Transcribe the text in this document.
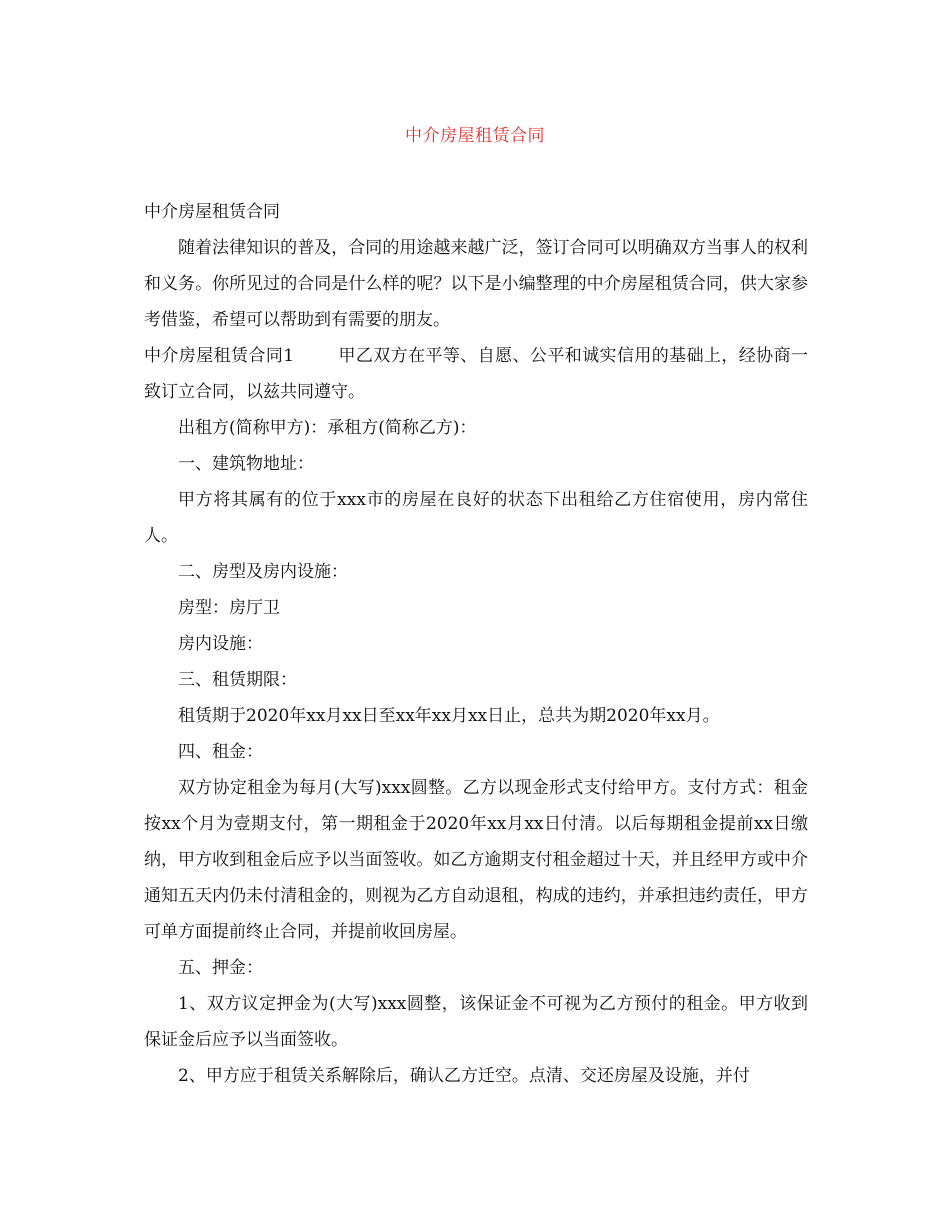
中介房屋租赁合同

中介房屋租赁合同

随着法律知识的普及，合同的用途越来越广泛，签订合同可以明确双方当事人的权利和义务。你所见过的合同是什么样的呢？以下是小编整理的中介房屋租赁合同，供大家参考借鉴，希望可以帮助到有需要的朋友。

中介房屋租赁合同1	甲乙双方在平等、自愿、公平和诚实信用的基础上，经协商一致订立合同，以兹共同遵守。

出租方(简称甲方)：承租方(简称乙方)：

一、建筑物地址：

甲方将其属有的位于xxx市的房屋在良好的状态下出租给乙方住宿使用，房内常住人。

二、房型及房内设施：

房型：房厅卫

房内设施：

三、租赁期限：

租赁期于2020年xx月xx日至xx年xx月xx日止，总共为期2020年xx月。

四、租金：

双方协定租金为每月(大写)xxx圆整。乙方以现金形式支付给甲方。支付方式：租金按xx个月为壹期支付，第一期租金于2020年xx月xx日付清。以后每期租金提前xx日缴纳，甲方收到租金后应予以当面签收。如乙方逾期支付租金超过十天，并且经甲方或中介通知五天内仍未付清租金的，则视为乙方自动退租，构成的违约，并承担违约责任，甲方可单方面提前终止合同，并提前收回房屋。

五、押金：

1、双方议定押金为(大写)xxx圆整，该保证金不可视为乙方预付的租金。甲方收到保证金后应予以当面签收。

2、甲方应于租赁关系解除后，确认乙方迁空。点清、交还房屋及设施，并付
